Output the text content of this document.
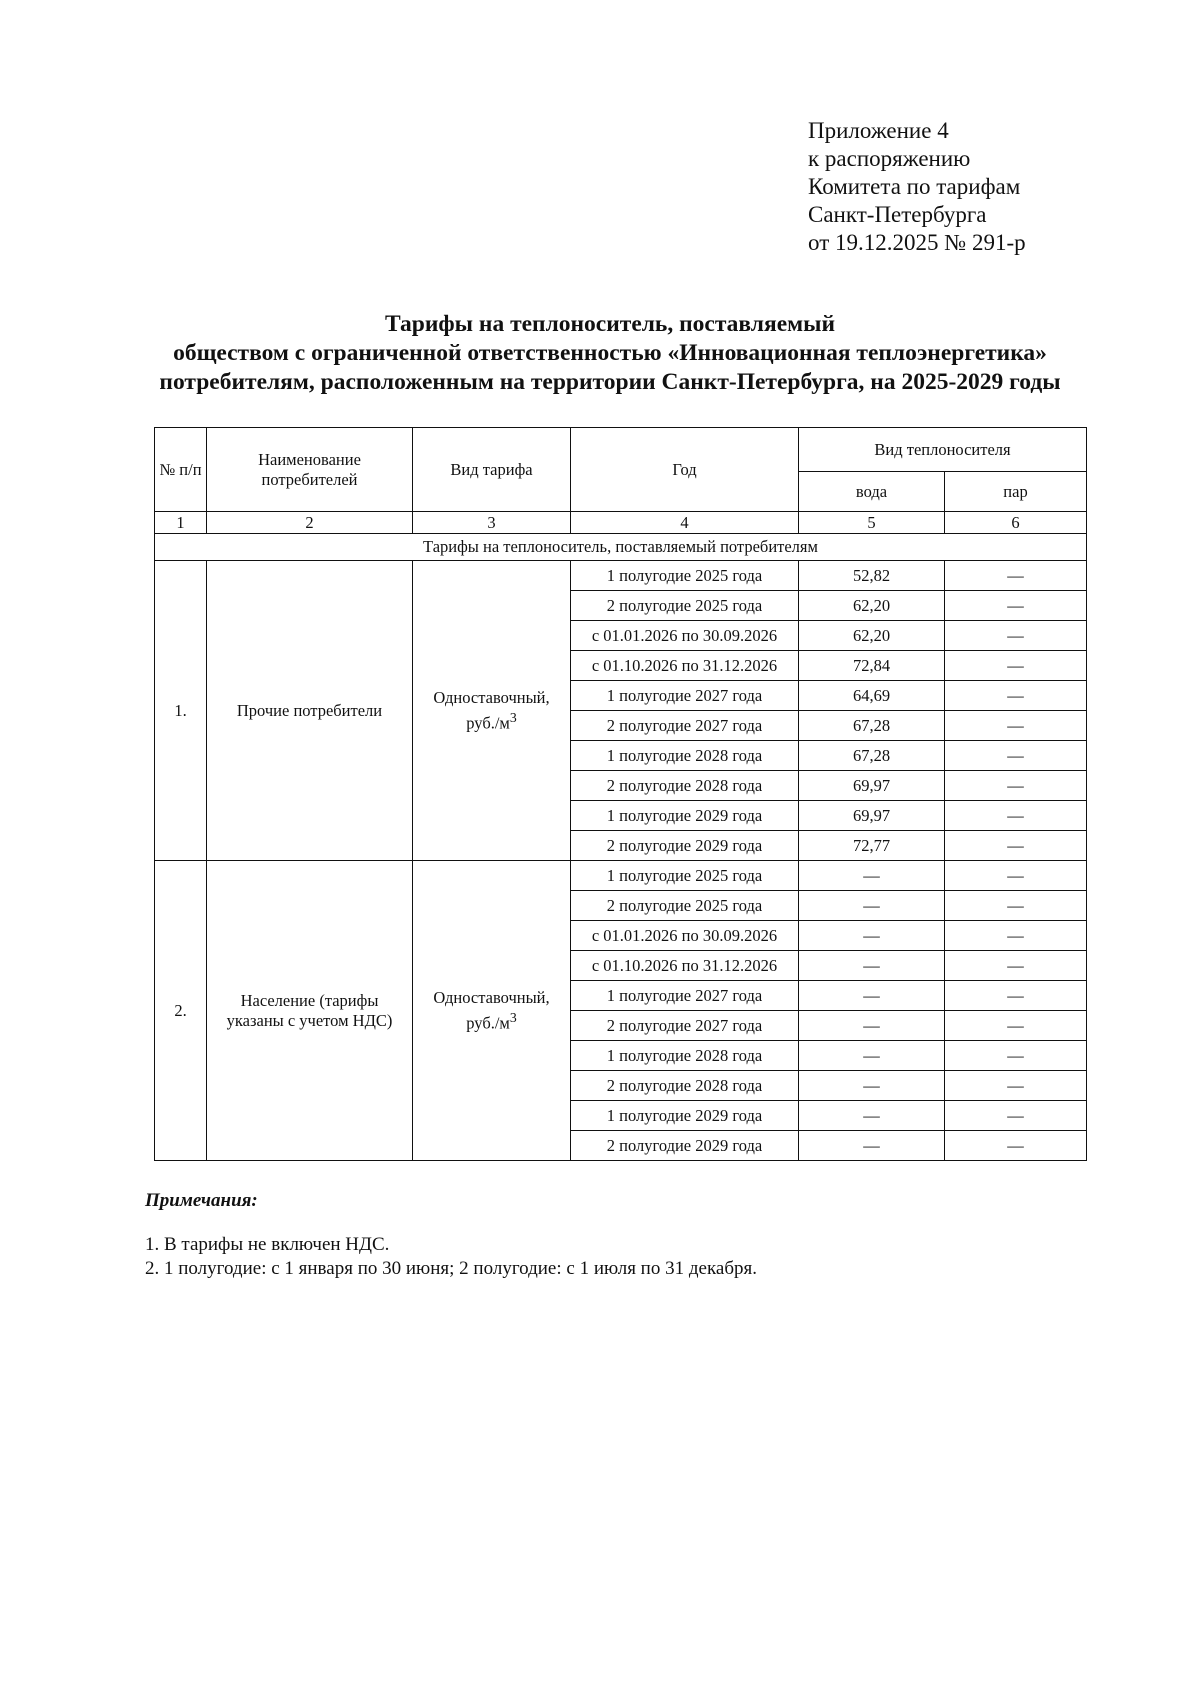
Приложение 4
к распоряжению
Комитета по тарифам
Санкт-Петербурга
от 19.12.2025 № 291-р
Тарифы на теплоноситель, поставляемый
обществом с ограниченной ответственностью «Инновационная теплоэнергетика»
потребителям, расположенным на территории Санкт-Петербурга, на 2025-2029 годы
№ п/п	Наименование потребителей	Вид тарифа	Год	Вид теплоносителя	
				вода	пар
1	2	3	4	5	6
Тарифы на теплоноситель, поставляемый потребителям					
1.	Прочие потребители	Одноставочный, $руб./м^3$	1 полугодие 2025 года	52,82	—
			2 полугодие 2025 года	62,20	—
			с 01.01.2026 по 30.09.2026	62,20	—
			с 01.10.2026 по 31.12.2026	72,84	—
			1 полугодие 2027 года	64,69	—
			2 полугодие 2027 года	67,28	—
			1 полугодие 2028 года	67,28	—
			2 полугодие 2028 года	69,97	—
			1 полугодие 2029 года	69,97	—
			2 полугодие 2029 года	72,77	—
2.	Население (тарифы указаны с учетом НДС)	Одноставочный, $руб./м^3$	1 полугодие 2025 года	—	—
			2 полугодие 2025 года	—	—
			с 01.01.2026 по 30.09.2026	—	—
			с 01.10.2026 по 31.12.2026	—	—
			1 полугодие 2027 года	—	—
			2 полугодие 2027 года	—	—
			1 полугодие 2028 года	—	—
			2 полугодие 2028 года	—	—
			1 полугодие 2029 года	—	—
			2 полугодие 2029 года	—	—
Примечания:
1. В тарифы не включен НДС.
2. 1 полугодие: с 1 января по 30 июня; 2 полугодие: с 1 июля по 31 декабря.
